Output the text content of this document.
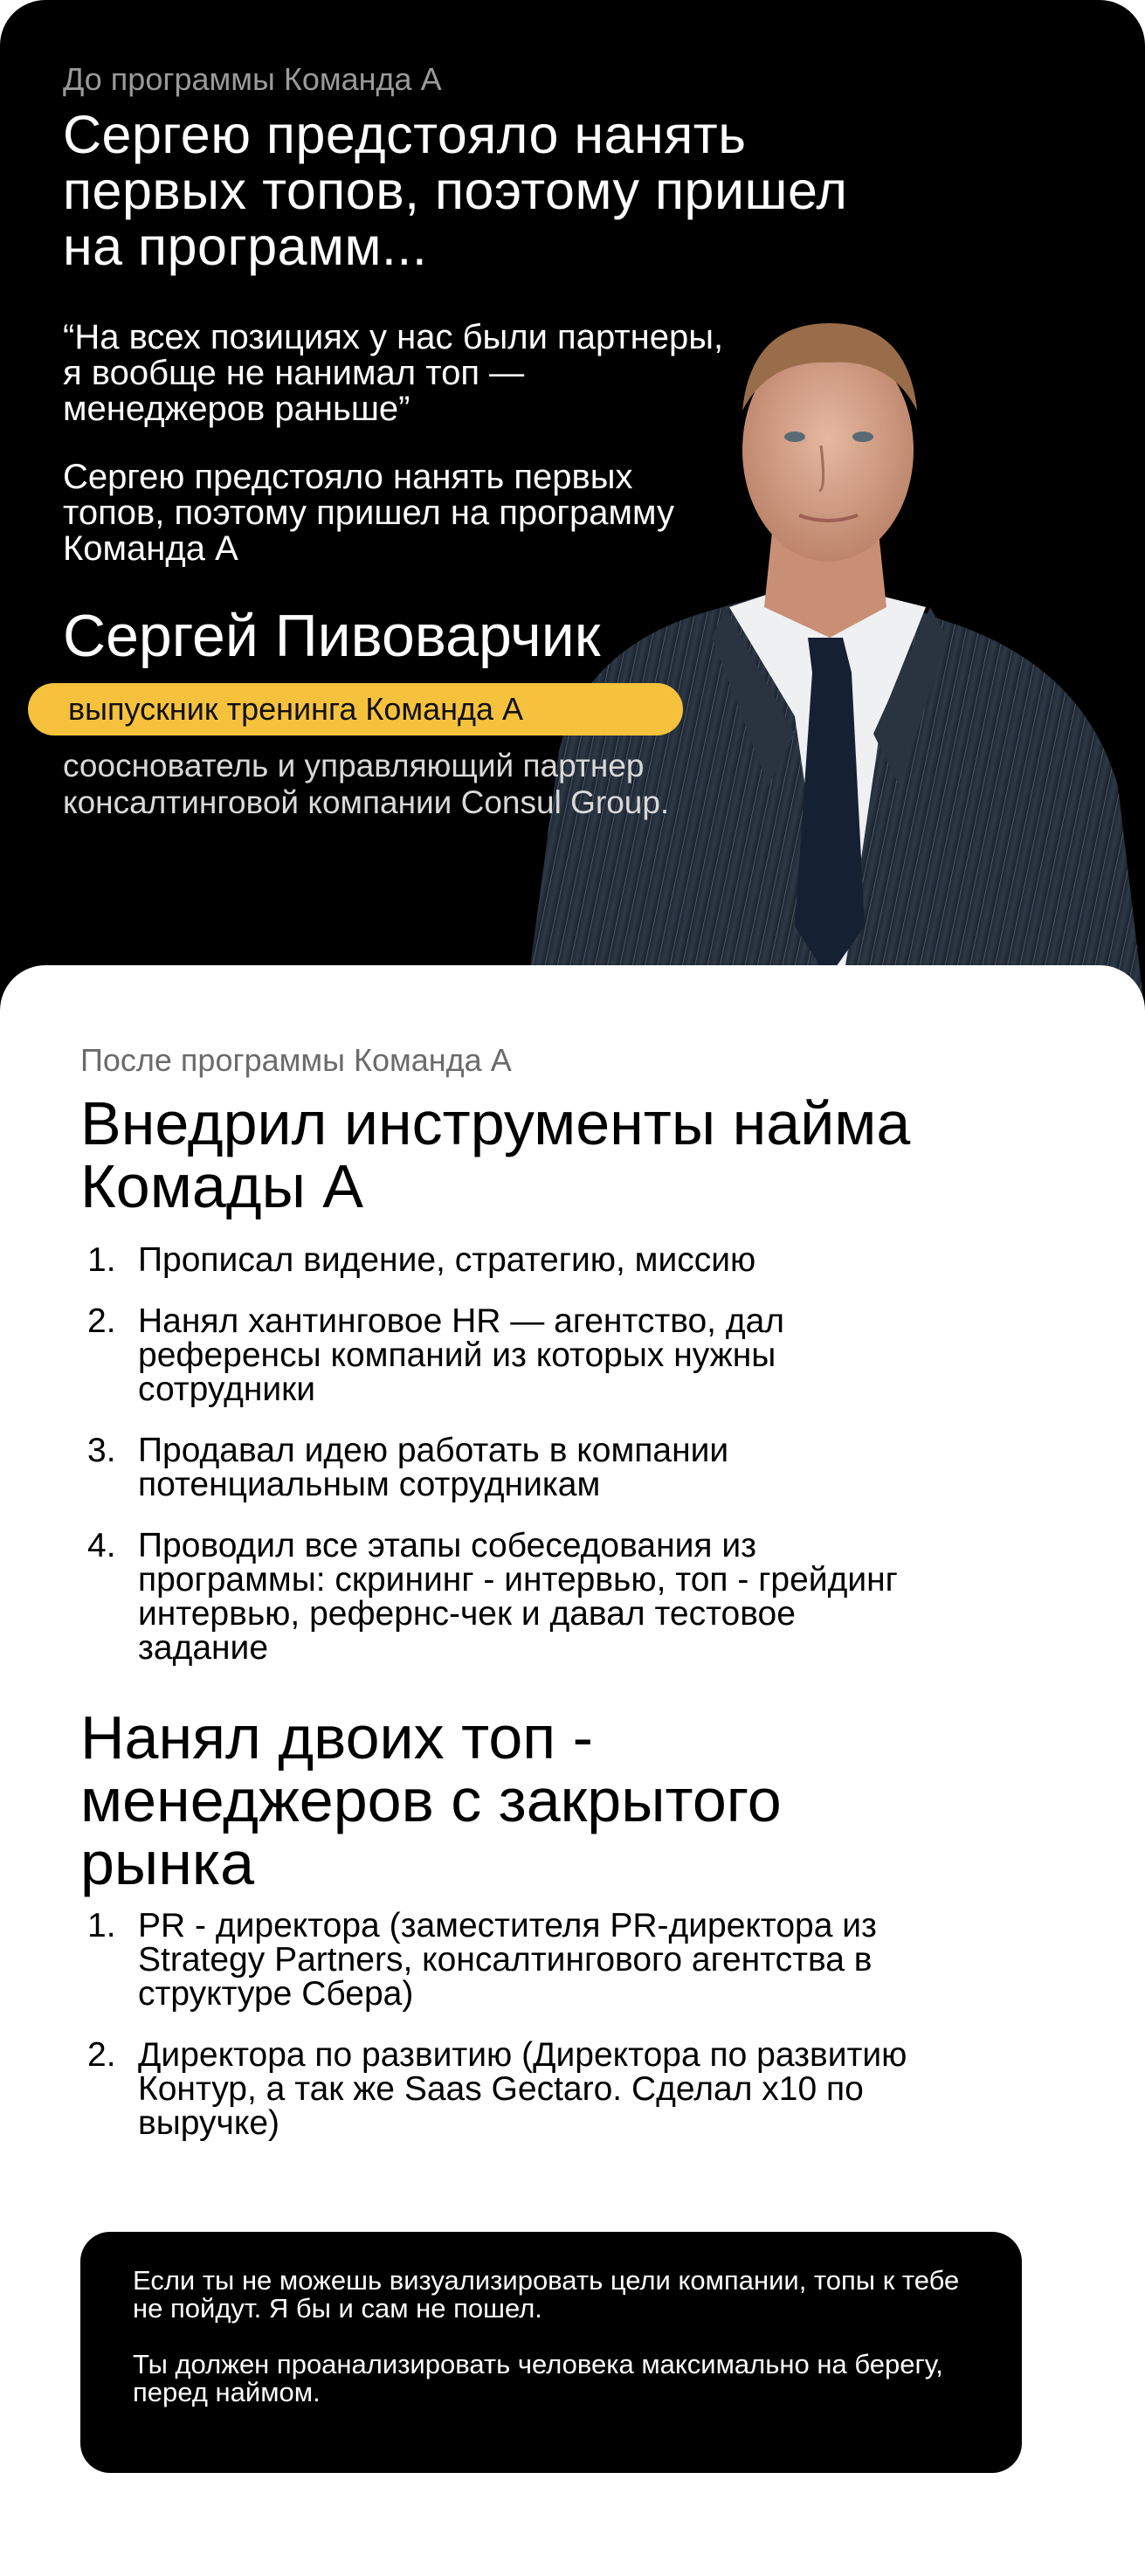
До программы Команда А
Сергею предстояло нанять первых топов, поэтому пришел на программ...

“На всех позициях у нас были партнеры, я вообще не нанимал топ — менеджеров раньше”

Сергею предстояло нанять первых топов, поэтому пришел на программу Команда А

Сергей Пивоварчик
выпускник тренинга Команда А

сооснователь и управляющий партнер консалтинговой компании Consul Group.

После программы Команда А
Внедрил инструменты найма Комады А
1. Прописал видение, стратегию, миссию
2. Нанял хантинговое HR — агентство, дал референсы компаний из которых нужны сотрудники
3. Продавал идею работать в компании потенциальным сотрудникам
4. Проводил все этапы собеседования из программы: скрининг - интервью, топ - грейдинг интервью, рефернс-чек и давал тестовое задание
Нанял двоих топ - менеджеров с закрытого рынка
1. PR - директора (заместителя PR-директора из Strategy Partners, консалтингового агентства в структуре Сбера)
2. Директора по развитию (Директора по развитию Контур, а так же Saas Gectaro. Сделал х10 по выручке)

Если ты не можешь визуализировать цели компании, топы к тебе не пойдут. Я бы и сам не пошел.

Ты должен проанализировать человека максимально на берегу, перед наймом.
